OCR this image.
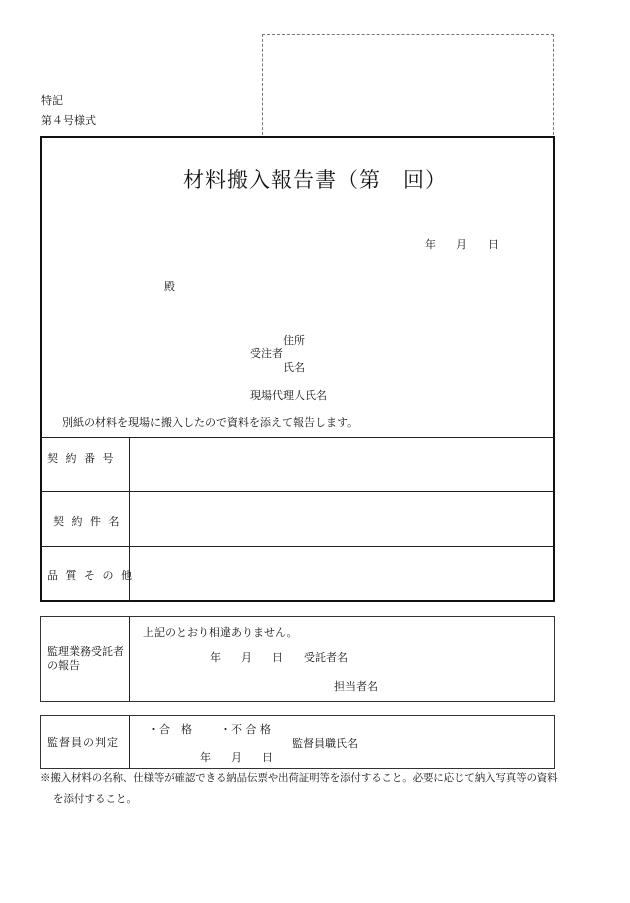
特記
第４号様式
材料搬入報告書（第　回）
年 月 日
殿
住所
受注者
氏名
現場代理人氏名
別紙の材料を現場に搬入したので資料を添えて報告します。
契 約 番 号
契 約 件 名
品 質 そ の 他
監理業務受託者
の報告
上記のとおり相違ありません。
年 月 日 受託者名
担当者名
監督員の判定
・合　格	・不 合 格
監督員職氏名
年 月 日
※搬入材料の名称、仕様等が確認できる納品伝票や出荷証明等を添付すること。必要に応じて納入写真等の資料
を添付すること。
